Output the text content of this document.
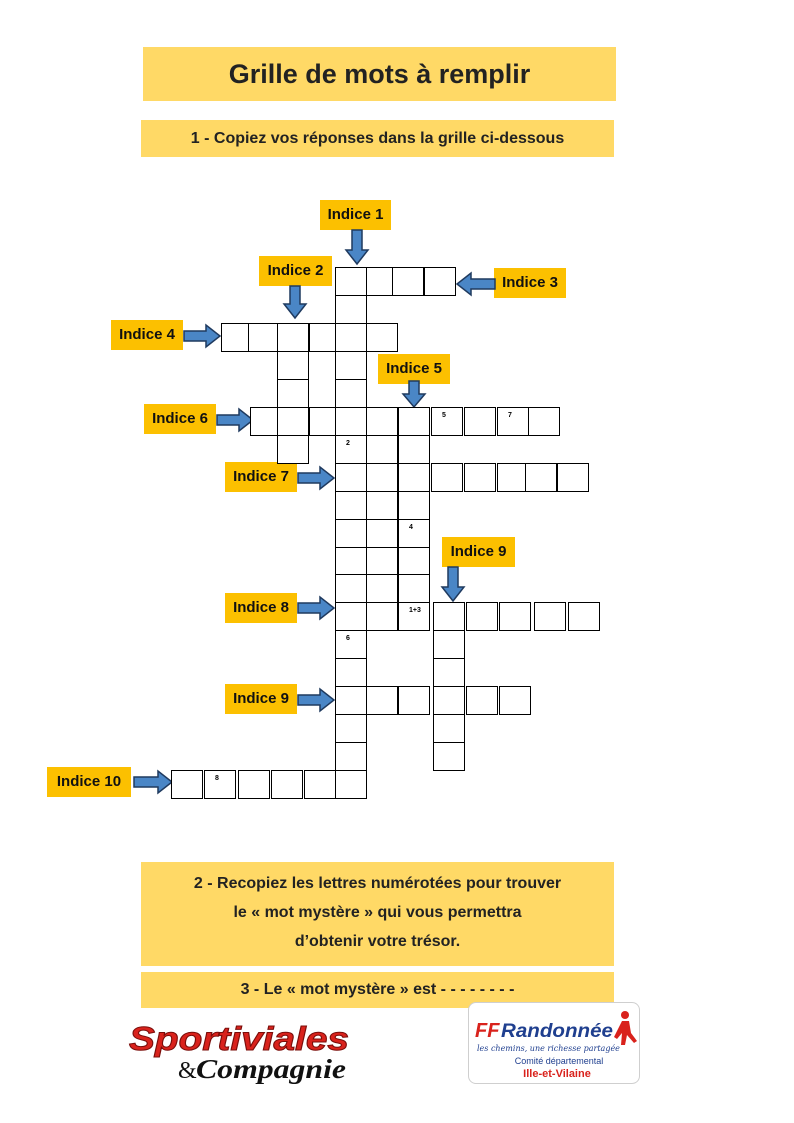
Grille de mots à remplir
1 - Copiez vos réponses dans la grille ci-dessous
Indice 1
Indice 2
Indice 3
Indice 4
Indice 5
Indice 6
Indice 7
Indice 8
Indice 9
Indice 9
Indice 10
5	7
1+3
8
2
6
4
2 - Recopiez les lettres numérotées pour trouver
le « mot mystère » qui vous permettra
d’obtenir votre trésor.
3 - Le « mot mystère » est - - - - - - - -
Sportiviales
& Compagnie
FF Randonnée
les chemins, une richesse partagée
Comité départemental
Ille-et-Vilaine
